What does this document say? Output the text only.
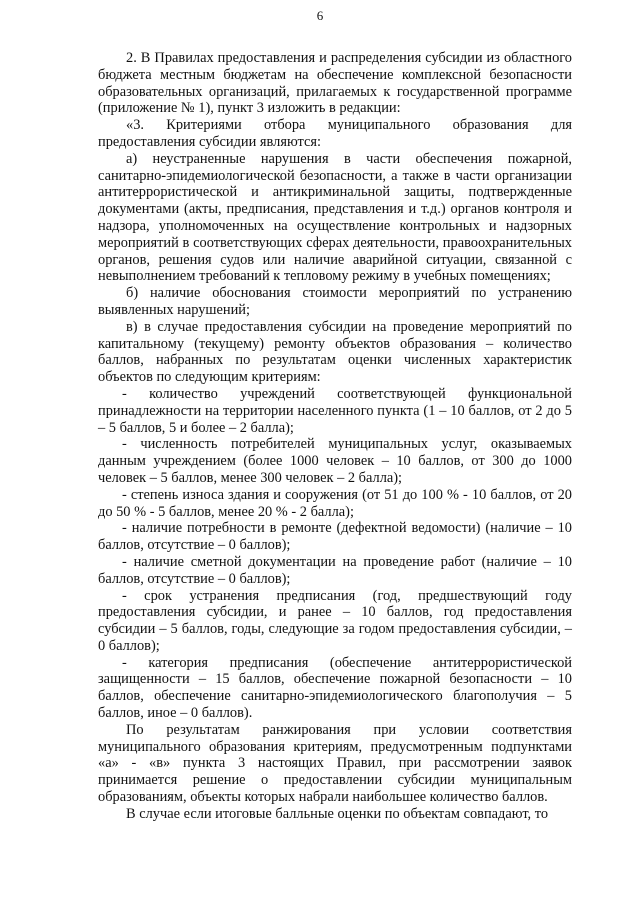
6

2. В Правилах предоставления и распределения субсидии из областного бюджета местным бюджетам на обеспечение комплексной безопасности образовательных организаций, прилагаемых к государственной программе (приложение № 1), пункт 3 изложить в редакции:

«3. Критериями отбора муниципального образования для предоставления субсидии являются:

а) неустраненные нарушения в части обеспечения пожарной, санитарно-эпидемиологической безопасности, а также в части организации антитеррористической и антикриминальной защиты, подтвержденные документами (акты, предписания, представления и т.д.) органов контроля и надзора, уполномоченных на осуществление контрольных и надзорных мероприятий в соответствующих сферах деятельности, правоохранительных органов, решения судов или наличие аварийной ситуации, связанной с невыполнением требований к тепловому режиму в учебных помещениях;

б) наличие обоснования стоимости мероприятий по устранению выявленных нарушений;

в) в случае предоставления субсидии на проведение мероприятий по капитальному (текущему) ремонту объектов образования – количество баллов, набранных по результатам оценки численных характеристик объектов по следующим критериям:

- количество учреждений соответствующей функциональной принадлежности на территории населенного пункта (1 – 10 баллов, от 2 до 5 – 5 баллов, 5 и более – 2 балла);

- численность потребителей муниципальных услуг, оказываемых данным учреждением (более 1000 человек – 10 баллов, от 300 до 1000 человек – 5 баллов, менее 300 человек – 2 балла);

- степень износа здания и сооружения (от 51 до 100 % - 10 баллов, от 20 до 50 % - 5 баллов, менее 20 % - 2 балла);

- наличие потребности в ремонте (дефектной ведомости) (наличие – 10 баллов, отсутствие – 0 баллов);

- наличие сметной документации на проведение работ (наличие – 10 баллов, отсутствие – 0 баллов);

- срок устранения предписания (год, предшествующий году предоставления субсидии, и ранее – 10 баллов, год предоставления субсидии – 5 баллов, годы, следующие за годом предоставления субсидии, – 0 баллов);

- категория предписания (обеспечение антитеррористической защищенности – 15 баллов, обеспечение пожарной безопасности – 10 баллов, обеспечение санитарно-эпидемиологического благополучия – 5 баллов, иное – 0 баллов).

По результатам ранжирования при условии соответствия муниципального образования критериям, предусмотренным подпунктами «а» - «в» пункта 3 настоящих Правил, при рассмотрении заявок принимается решение о предоставлении субсидии муниципальным образованиям, объекты которых набрали наибольшее количество баллов.

В случае если итоговые балльные оценки по объектам совпадают, то
